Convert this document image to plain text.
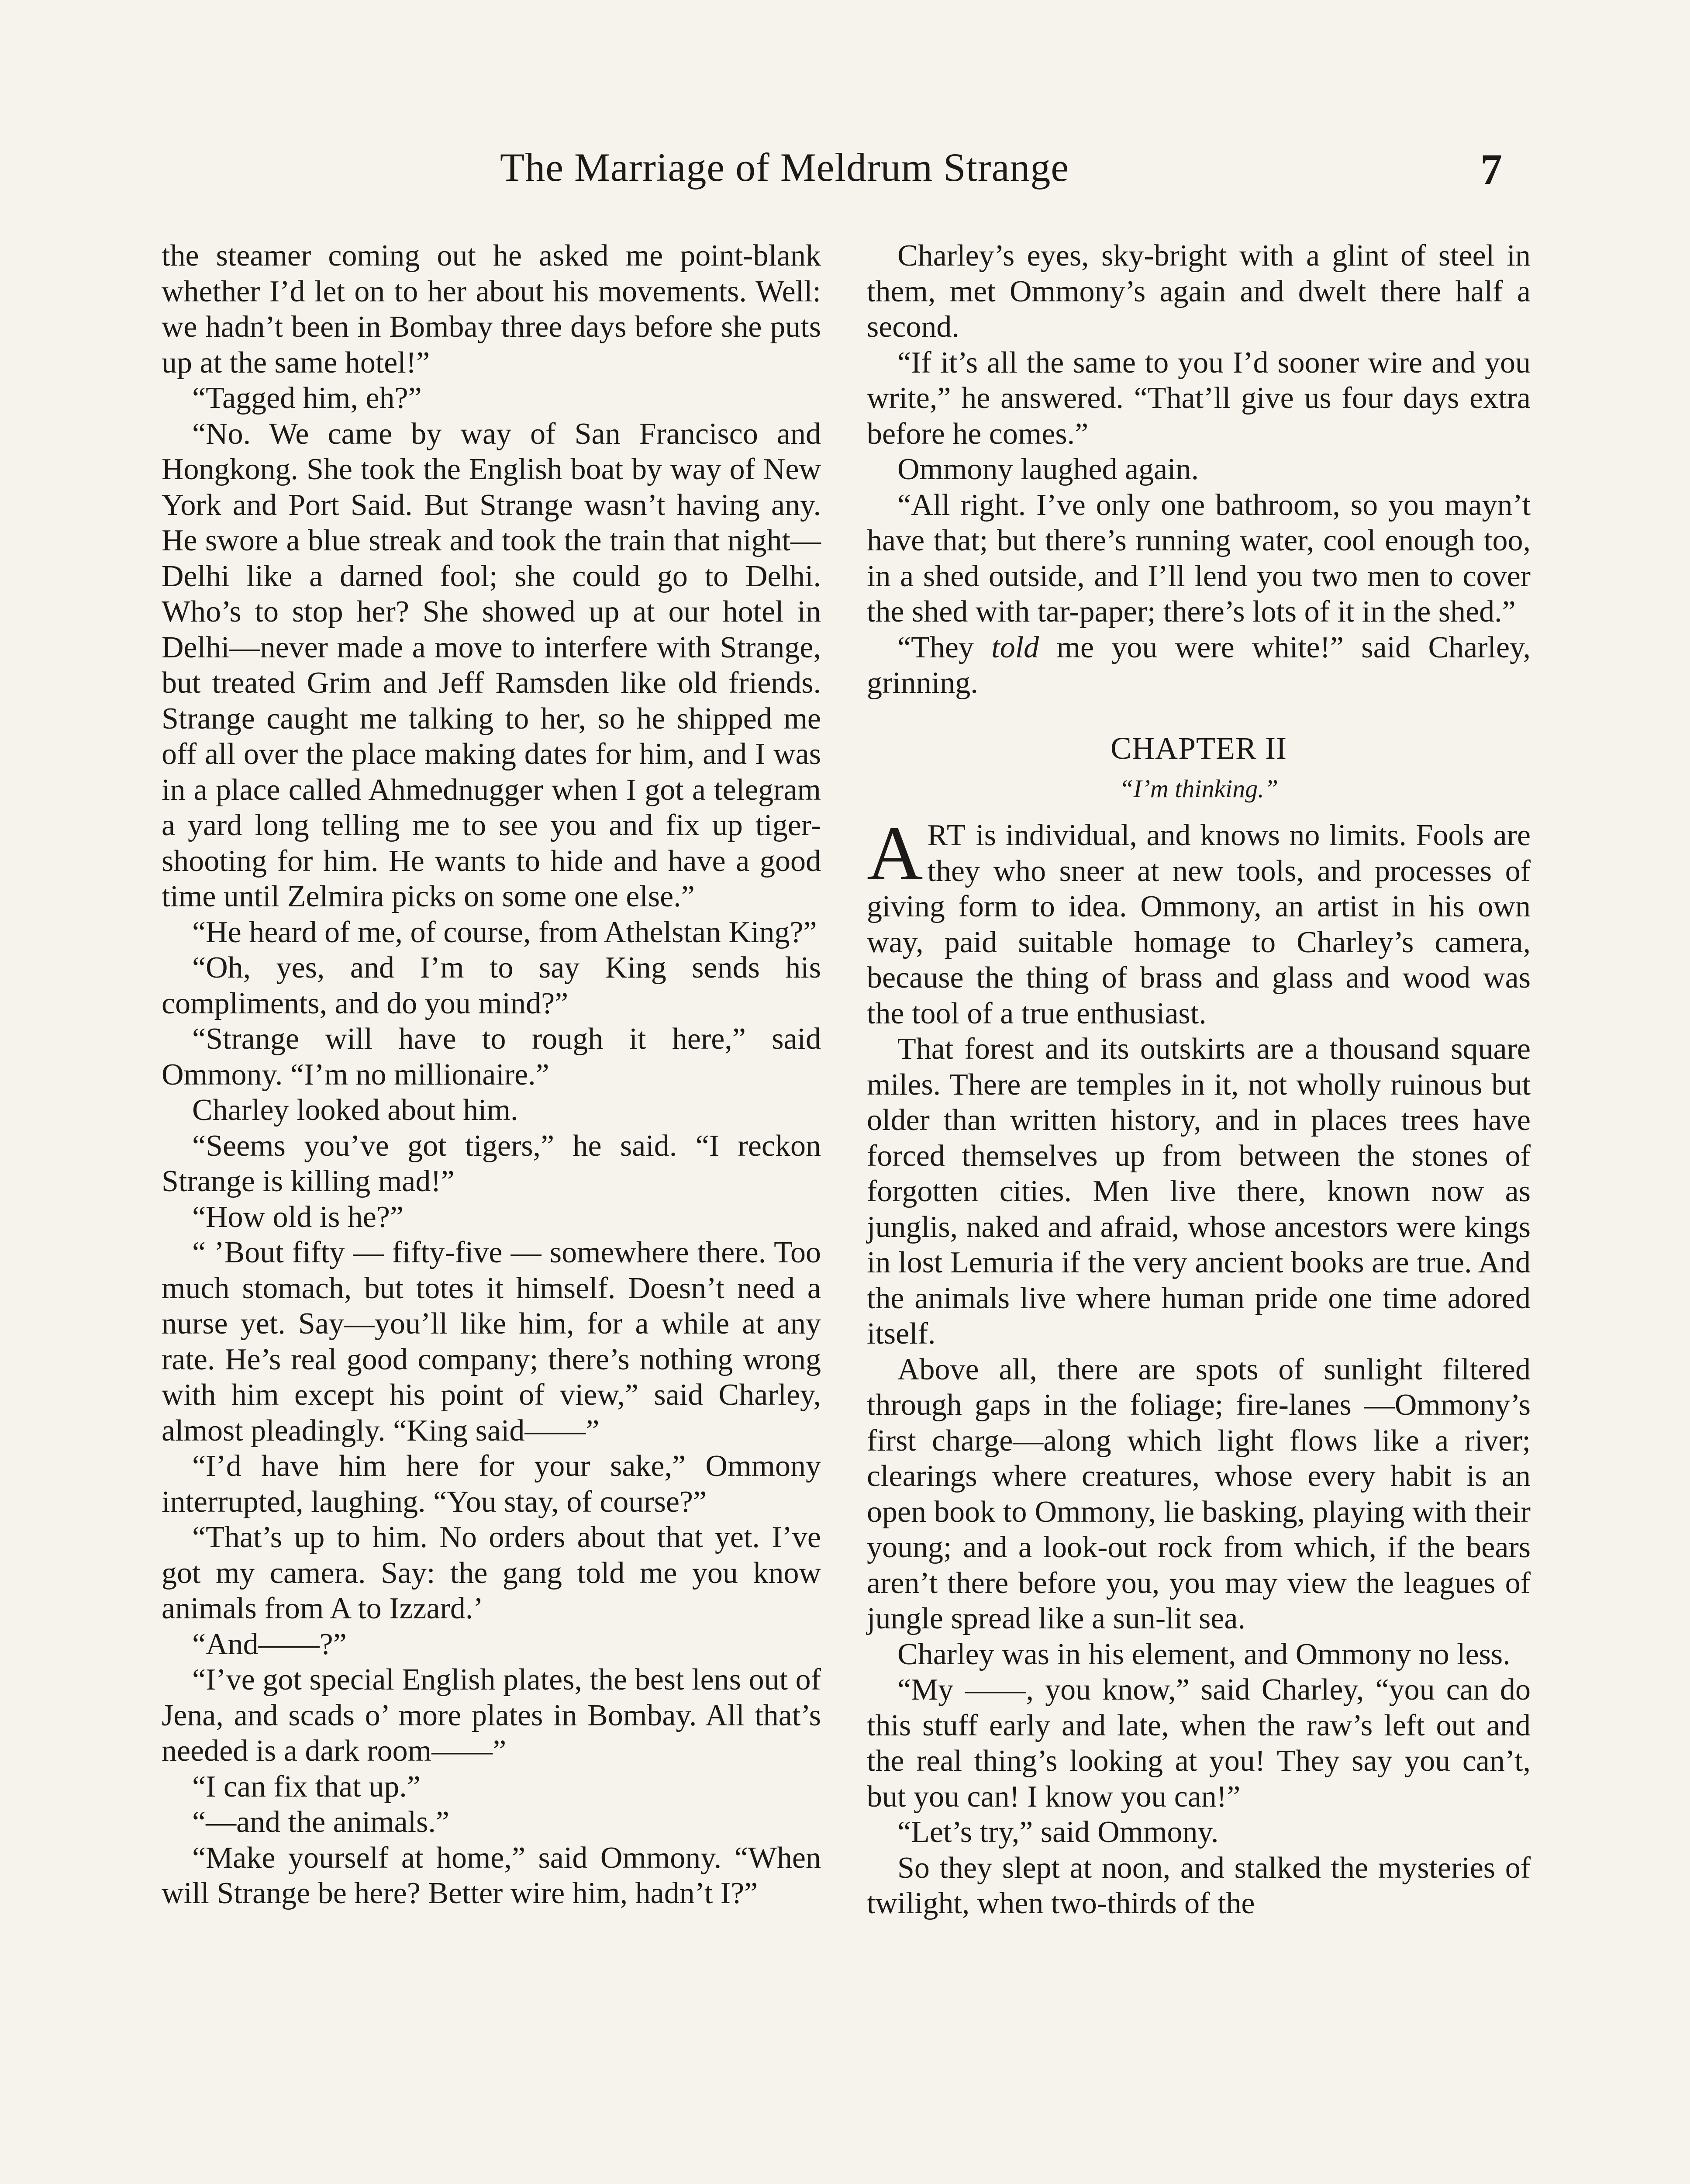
The Marriage of Meldrum Strange	7

the steamer coming out he asked me point-blank whether I’d let on to her about his movements. Well: we hadn’t been in Bombay three days before she puts up at the same hotel!”

“Tagged him, eh?”

“No. We came by way of San Francisco and Hongkong. She took the English boat by way of New York and Port Said. But Strange wasn’t having any. He swore a blue streak and took the train that night—Delhi like a darned fool; she could go to Delhi. Who’s to stop her? She showed up at our hotel in Delhi—never made a move to interfere with Strange, but treated Grim and Jeff Ramsden like old friends. Strange caught me talking to her, so he shipped me off all over the place making dates for him, and I was in a place called Ahmednugger when I got a telegram a yard long telling me to see you and fix up tiger-shooting for him. He wants to hide and have a good time until Zelmira picks on some one else.”

“He heard of me, of course, from Athelstan King?”

“Oh, yes, and I’m to say King sends his compliments, and do you mind?”

“Strange will have to rough it here,” said Ommony. “I’m no millionaire.”

Charley looked about him.

“Seems you’ve got tigers,” he said. “I reckon Strange is killing mad!”

“How old is he?”

“ ’Bout fifty — fifty-five — somewhere there. Too much stomach, but totes it himself. Doesn’t need a nurse yet. Say—you’ll like him, for a while at any rate. He’s real good company; there’s nothing wrong with him except his point of view,” said Charley, almost pleadingly. “King said——”

“I’d have him here for your sake,” Ommony interrupted, laughing. “You stay, of course?”

“That’s up to him. No orders about that yet. I’ve got my camera. Say: the gang told me you know animals from A to Izzard.’

“And——?”

“I’ve got special English plates, the best lens out of Jena, and scads o’ more plates in Bombay. All that’s needed is a dark room——”

“I can fix that up.”

“—and the animals.”

“Make yourself at home,” said Ommony. “When will Strange be here? Better wire him, hadn’t I?”

Charley’s eyes, sky-bright with a glint of steel in them, met Ommony’s again and dwelt there half a second.

“If it’s all the same to you I’d sooner wire and you write,” he answered. “That’ll give us four days extra before he comes.”

Ommony laughed again.

“All right. I’ve only one bathroom, so you mayn’t have that; but there’s running water, cool enough too, in a shed outside, and I’ll lend you two men to cover the shed with tar-paper; there’s lots of it in the shed.”

“They told me you were white!” said Charley, grinning.

CHAPTER II
“I’m thinking.”

ART is individual, and knows no limits. Fools are they who sneer at new tools, and processes of giving form to idea. Ommony, an artist in his own way, paid suitable homage to Charley’s camera, because the thing of brass and glass and wood was the tool of a true enthusiast.

That forest and its outskirts are a thousand square miles. There are temples in it, not wholly ruinous but older than written history, and in places trees have forced themselves up from between the stones of forgotten cities. Men live there, known now as junglis, naked and afraid, whose ancestors were kings in lost Lemuria if the very ancient books are true. And the animals live where human pride one time adored itself.

Above all, there are spots of sunlight filtered through gaps in the foliage; fire-lanes —Ommony’s first charge—along which light flows like a river; clearings where creatures, whose every habit is an open book to Ommony, lie basking, playing with their young; and a look-out rock from which, if the bears aren’t there before you, you may view the leagues of jungle spread like a sun-lit sea.

Charley was in his element, and Ommony no less.

“My ——, you know,” said Charley, “you can do this stuff early and late, when the raw’s left out and the real thing’s looking at you! They say you can’t, but you can! I know you can!”

“Let’s try,” said Ommony.

So they slept at noon, and stalked the mysteries of twilight, when two-thirds of the
